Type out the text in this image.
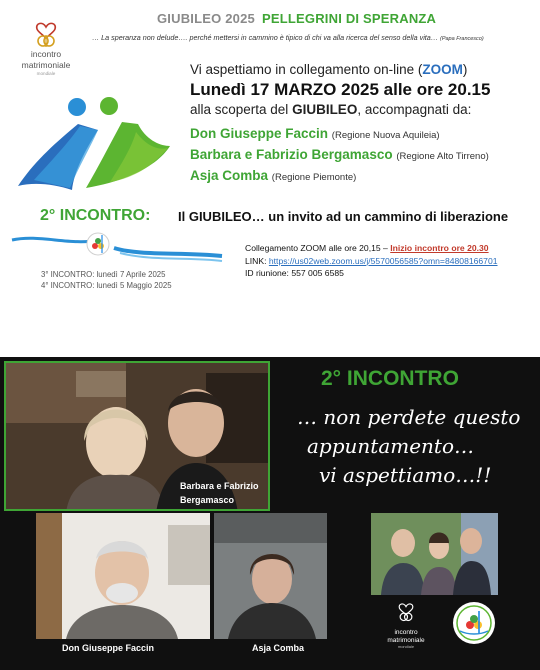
incontro
matrimoniale
mondiale
GIUBILEO 2025 PELLEGRINI DI SPERANZA
… La speranza non delude…. perché mettersi in cammino è tipico di chi va alla ricerca del senso della vita… (Papa Francesco)
Vi aspettiamo in collegamento on-line (ZOOM)
Lunedì 17 MARZO 2025 alle ore 20.15
alla scoperta del GIUBILEO, accompagnati da:
Don Giuseppe Faccin (Regione Nuova Aquileia)
Barbara e Fabrizio Bergamasco (Regione Alto Tirreno)
Asja Comba (Regione Piemonte)
2° INCONTRO: Il GIUBILEO… un invito ad un cammino di liberazione
3° INCONTRO: lunedì 7 Aprile 2025
4° INCONTRO: lunedì 5 Maggio 2025
Collegamento ZOOM alle ore 20,15 – Inizio incontro ore 20.30
LINK: https://us02web.zoom.us/j/5570056585?omn=84808166701
ID riunione: 557 005 6585
Barbara e Fabrizio
Bergamasco
Don Giuseppe Faccin	Asja Comba
2° INCONTRO
… non perdete questo
appuntamento…
vi aspettiamo…!!
incontro
matrimoniale
mondiale
